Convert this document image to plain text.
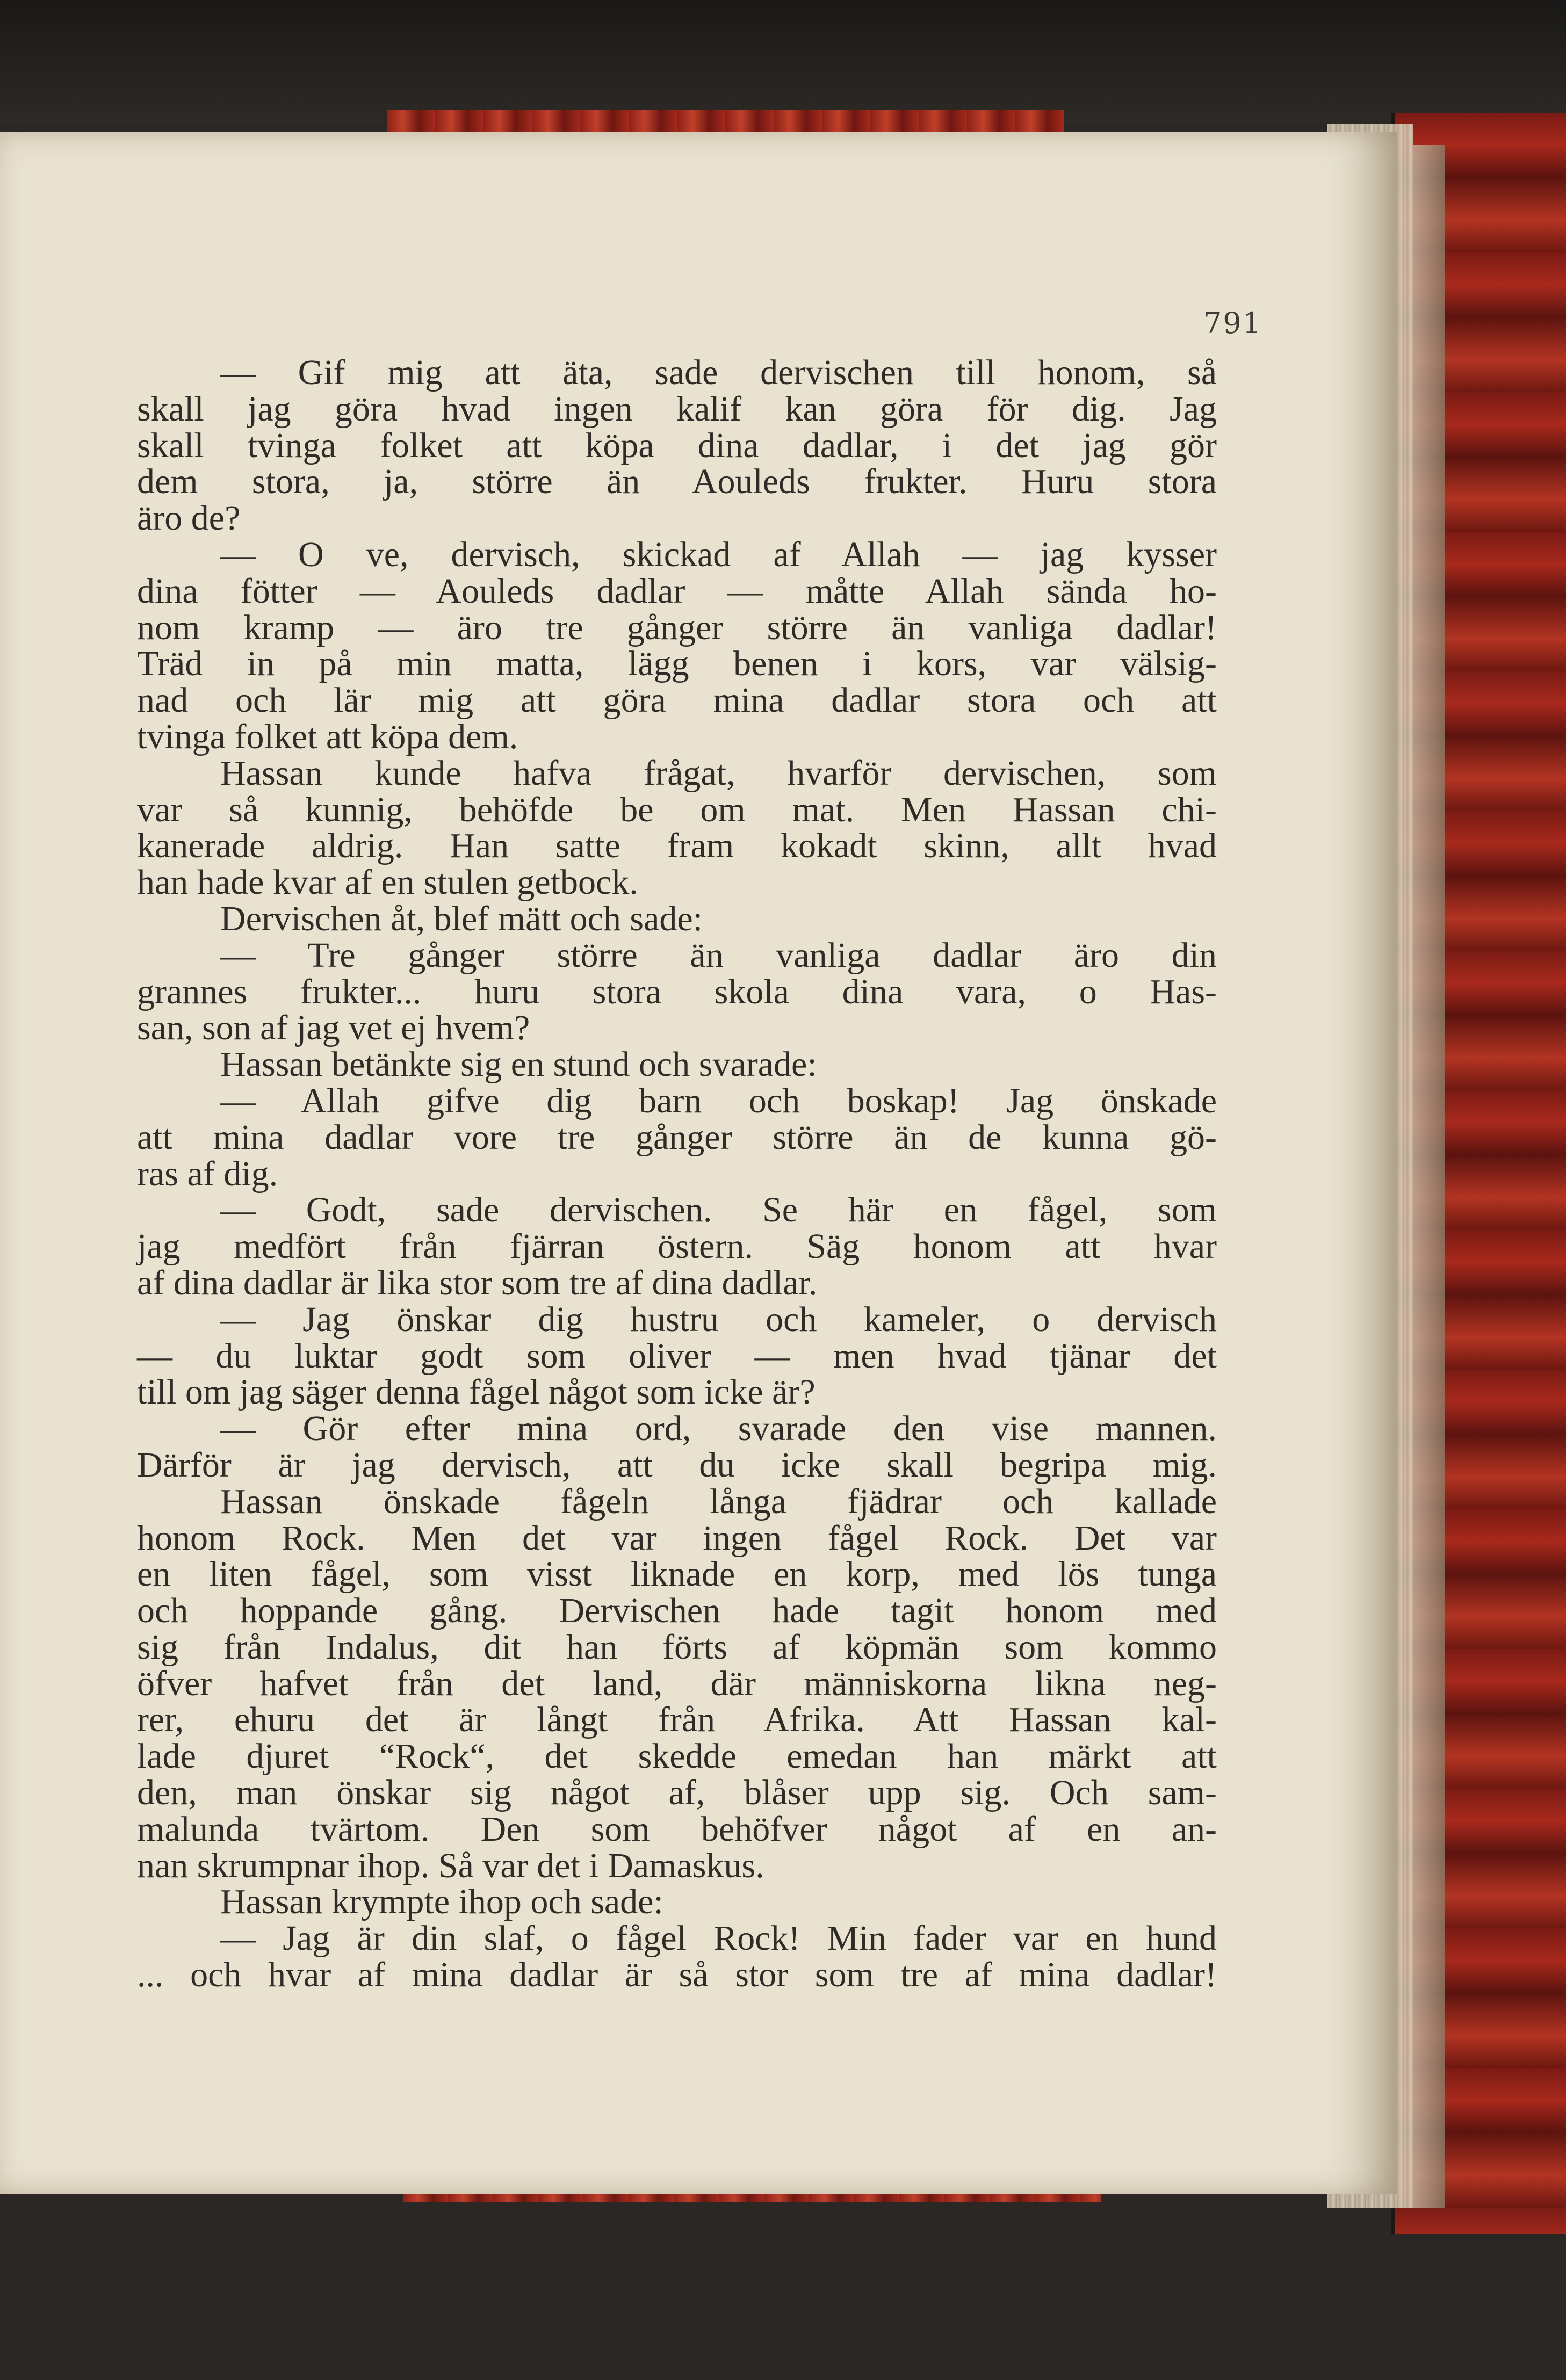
791
— Gif mig att äta, sade dervischen till honom, så
skall jag göra hvad ingen kalif kan göra för dig. Jag
skall tvinga folket att köpa dina dadlar, i det jag gör
dem stora, ja, större än Aouleds frukter. Huru stora
äro de?
— O ve, dervisch, skickad af Allah — jag kysser
dina fötter — Aouleds dadlar — måtte Allah sända ho-
nom kramp — äro tre gånger större än vanliga dadlar!
Träd in på min matta, lägg benen i kors, var välsig-
nad och lär mig att göra mina dadlar stora och att
tvinga folket att köpa dem.
Hassan kunde hafva frågat, hvarför dervischen, som
var så kunnig, behöfde be om mat. Men Hassan chi-
kanerade aldrig. Han satte fram kokadt skinn, allt hvad
han hade kvar af en stulen getbock.
Dervischen åt, blef mätt och sade:
— Tre gånger större än vanliga dadlar äro din
grannes frukter... huru stora skola dina vara, o Has-
san, son af jag vet ej hvem?
Hassan betänkte sig en stund och svarade:
— Allah gifve dig barn och boskap! Jag önskade
att mina dadlar vore tre gånger större än de kunna gö-
ras af dig.
— Godt, sade dervischen. Se här en fågel, som
jag medfört från fjärran östern. Säg honom att hvar
af dina dadlar är lika stor som tre af dina dadlar.
— Jag önskar dig hustru och kameler, o dervisch
— du luktar godt som oliver — men hvad tjänar det
till om jag säger denna fågel något som icke är?
— Gör efter mina ord, svarade den vise mannen.
Därför är jag dervisch, att du icke skall begripa mig.
Hassan önskade fågeln långa fjädrar och kallade
honom Rock. Men det var ingen fågel Rock. Det var
en liten fågel, som visst liknade en korp, med lös tunga
och hoppande gång. Dervischen hade tagit honom med
sig från Indalus, dit han förts af köpmän som kommo
öfver hafvet från det land, där människorna likna neg-
rer, ehuru det är långt från Afrika. Att Hassan kal-
lade djuret “Rock“, det skedde emedan han märkt att
den, man önskar sig något af, blåser upp sig. Och sam-
malunda tvärtom. Den som behöfver något af en an-
nan skrumpnar ihop. Så var det i Damaskus.
Hassan krympte ihop och sade:
— Jag är din slaf, o fågel Rock! Min fader var en hund
... och hvar af mina dadlar är så stor som tre af mina dadlar!
